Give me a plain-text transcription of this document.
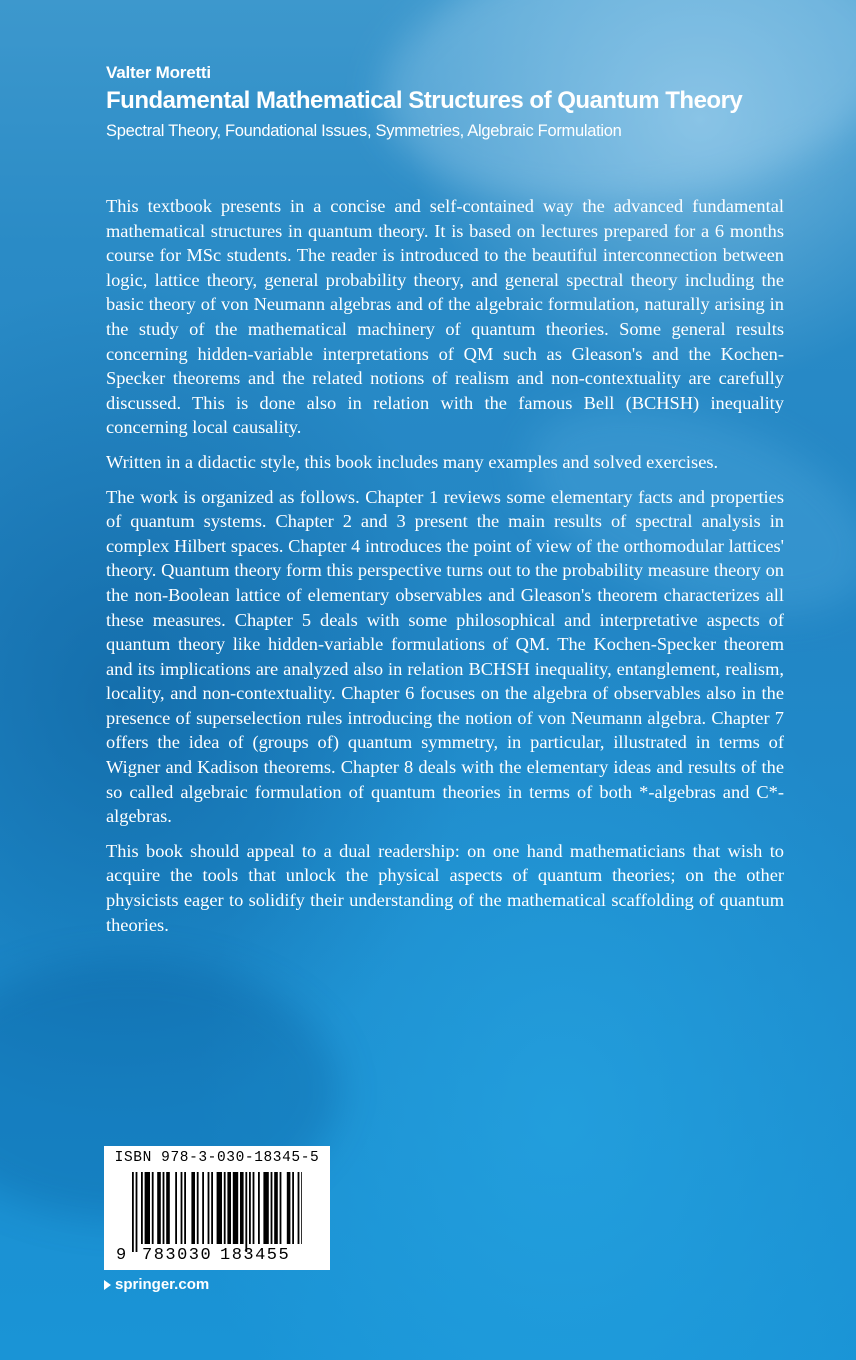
Valter Moretti
Fundamental Mathematical Structures of Quantum Theory
Spectral Theory, Foundational Issues, Symmetries, Algebraic Formulation

This textbook presents in a concise and self-contained way the advanced fundamental mathematical structures in quantum theory. It is based on lectures prepared for a 6 months course for MSc students. The reader is introduced to the beautiful interconnection between logic, lattice theory, general probability theory, and general spectral theory including the basic theory of von Neumann algebras and of the algebraic formulation, naturally arising in the study of the mathematical machinery of quantum theories. Some general results concerning hidden-variable interpretations of QM such as Gleason's and the Kochen-Specker theorems and the related notions of realism and non-contextuality are carefully discussed. This is done also in relation with the famous Bell (BCHSH) inequality concerning local causality.

Written in a didactic style, this book includes many examples and solved exercises.

The work is organized as follows. Chapter 1 reviews some elementary facts and properties of quantum systems. Chapter 2 and 3 present the main results of spectral analysis in complex Hilbert spaces. Chapter 4 introduces the point of view of the orthomodular lattices' theory. Quantum theory form this perspective turns out to the probability measure theory on the non-Boolean lattice of elementary observables and Gleason's theorem characterizes all these measures. Chapter 5 deals with some philosophical and interpretative aspects of quantum theory like hidden-variable formulations of QM. The Kochen-Specker theorem and its implications are analyzed also in relation BCHSH inequality, entanglement, realism, locality, and non-contextuality. Chapter 6 focuses on the algebra of observables also in the presence of superselection rules introducing the notion of von Neumann algebra. Chapter 7 offers the idea of (groups of) quantum symmetry, in particular, illustrated in terms of Wigner and Kadison theorems. Chapter 8 deals with the elementary ideas and results of the so called algebraic formulation of quantum theories in terms of both *-algebras and C*-algebras.

This book should appeal to a dual readership: on one hand mathematicians that wish to acquire the tools that unlock the physical aspects of quantum theories; on the other physicists eager to solidify their understanding of the mathematical scaffolding of quantum theories.

ISBN 978-3-030-18345-5
9 783030 183455
springer.com
